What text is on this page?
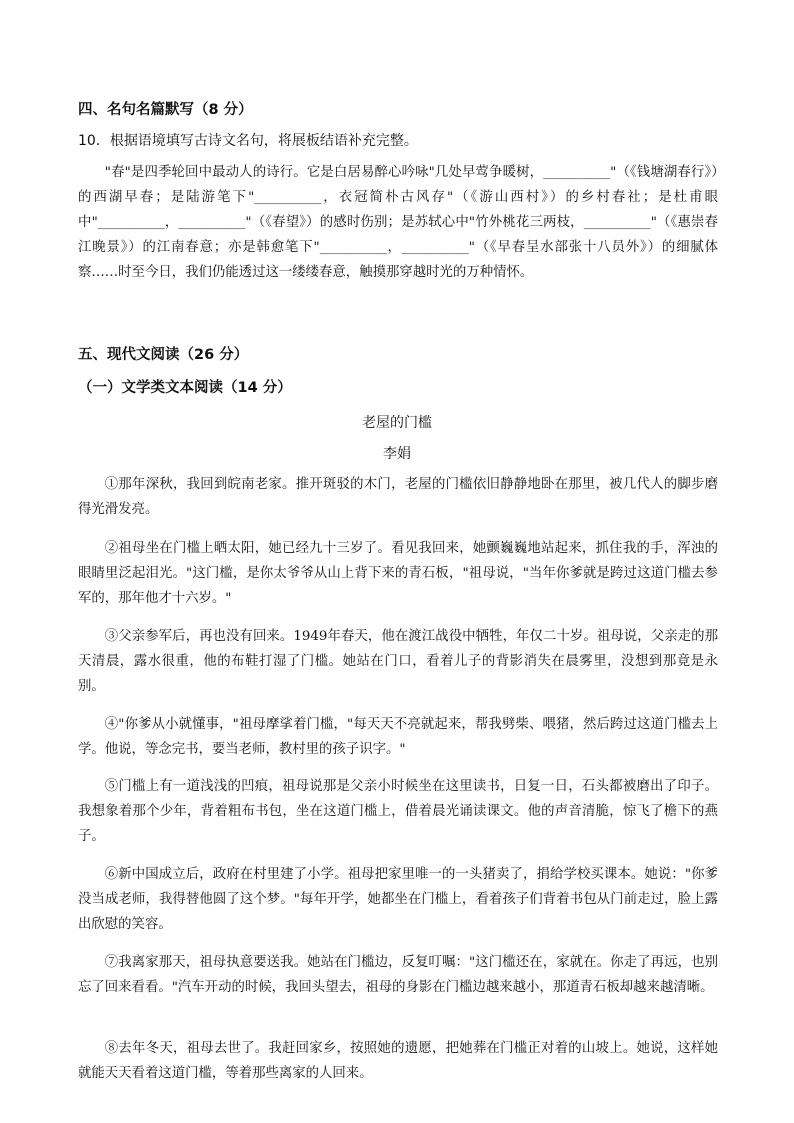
四、名句名篇默写（8 分）

10．根据语境填写古诗文名句，将展板结语补充完整。

"春"是四季轮回中最动人的诗行。它是白居易醉心吟咏"几处早莺争暖树，__________"（《钱塘湖春行》）的西湖早春；是陆游笔下"__________，衣冠简朴古风存"（《游山西村》）的乡村春社；是杜甫眼中"__________，__________"（《春望》）的感时伤别；是苏轼心中"竹外桃花三两枝，__________"（《惠崇春江晚景》）的江南春意；亦是韩愈笔下"__________，__________"（《早春呈水部张十八员外》）的细腻体察……时至今日，我们仍能透过这一缕缕春意，触摸那穿越时光的万种情怀。

五、现代文阅读（26 分）

（一）文学类文本阅读（14 分）

老屋的门槛

李娟

①那年深秋，我回到皖南老家。推开斑驳的木门，老屋的门槛依旧静静地卧在那里，被几代人的脚步磨得光滑发亮。

②祖母坐在门槛上晒太阳，她已经九十三岁了。看见我回来，她颤巍巍地站起来，抓住我的手，浑浊的眼睛里泛起泪光。"这门槛，是你太爷爷从山上背下来的青石板，"祖母说，"当年你爹就是跨过这道门槛去参军的，那年他才十六岁。"

③父亲参军后，再也没有回来。1949年春天，他在渡江战役中牺牲，年仅二十岁。祖母说，父亲走的那天清晨，露水很重，他的布鞋打湿了门槛。她站在门口，看着儿子的背影消失在晨雾里，没想到那竟是永别。

④"你爹从小就懂事，"祖母摩挲着门槛，"每天天不亮就起来，帮我劈柴、喂猪，然后跨过这道门槛去上学。他说，等念完书，要当老师，教村里的孩子识字。"

⑤门槛上有一道浅浅的凹痕，祖母说那是父亲小时候坐在这里读书，日复一日，石头都被磨出了印子。我想象着那个少年，背着粗布书包，坐在这道门槛上，借着晨光诵读课文。他的声音清脆，惊飞了檐下的燕子。

⑥新中国成立后，政府在村里建了小学。祖母把家里唯一的一头猪卖了，捐给学校买课本。她说："你爹没当成老师，我得替他圆了这个梦。"每年开学，她都坐在门槛上，看着孩子们背着书包从门前走过，脸上露出欣慰的笑容。

⑦我离家那天，祖母执意要送我。她站在门槛边，反复叮嘱："这门槛还在，家就在。你走了再远，也别忘了回来看看。"汽车开动的时候，我回头望去，祖母的身影在门槛边越来越小，那道青石板却越来越清晰。

⑧去年冬天，祖母去世了。我赶回家乡，按照她的遗愿，把她葬在门槛正对着的山坡上。她说，这样她就能天天看着这道门槛，等着那些离家的人回来。
